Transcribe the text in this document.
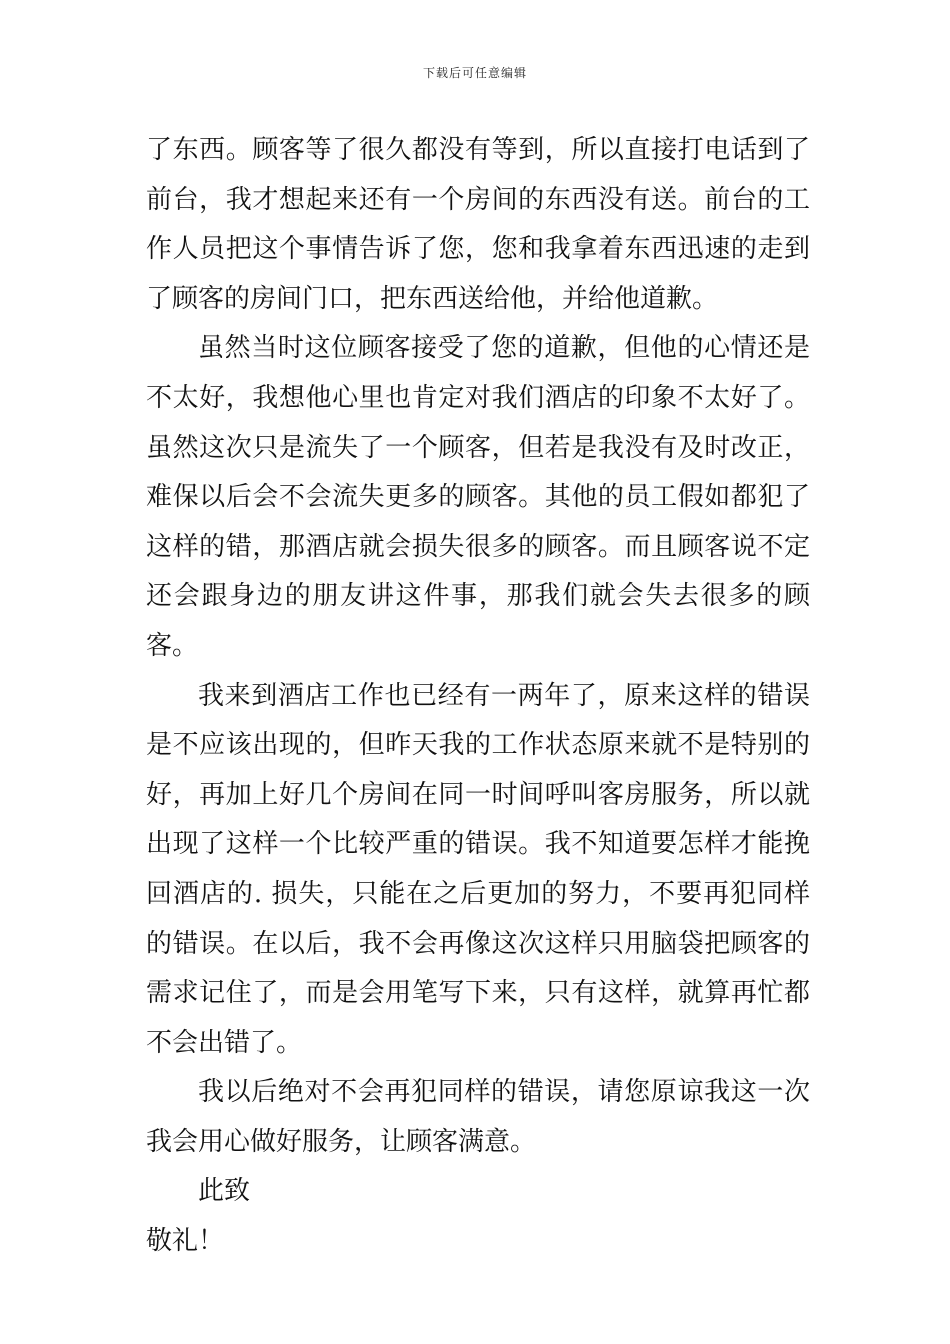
下载后可任意编辑

了东西。顾客等了很久都没有等到，所以直接打电话到了前台，我才想起来还有一个房间的东西没有送。前台的工作人员把这个事情告诉了您，您和我拿着东西迅速的走到了顾客的房间门口，把东西送给他，并给他道歉。

虽然当时这位顾客接受了您的道歉，但他的心情还是不太好，我想他心里也肯定对我们酒店的印象不太好了。虽然这次只是流失了一个顾客，但若是我没有及时改正，难保以后会不会流失更多的顾客。其他的员工假如都犯了这样的错，那酒店就会损失很多的顾客。而且顾客说不定还会跟身边的朋友讲这件事，那我们就会失去很多的顾客。

我来到酒店工作也已经有一两年了，原来这样的错误是不应该出现的，但昨天我的工作状态原来就不是特别的好，再加上好几个房间在同一时间呼叫客房服务，所以就出现了这样一个比较严重的错误。我不知道要怎样才能挽回酒店的. 损失，只能在之后更加的努力，不要再犯同样的错误。在以后，我不会再像这次这样只用脑袋把顾客的需求记住了，而是会用笔写下来，只有这样，就算再忙都不会出错了。

我以后绝对不会再犯同样的错误，请您原谅我这一次我会用心做好服务，让顾客满意。

此致

敬礼！
